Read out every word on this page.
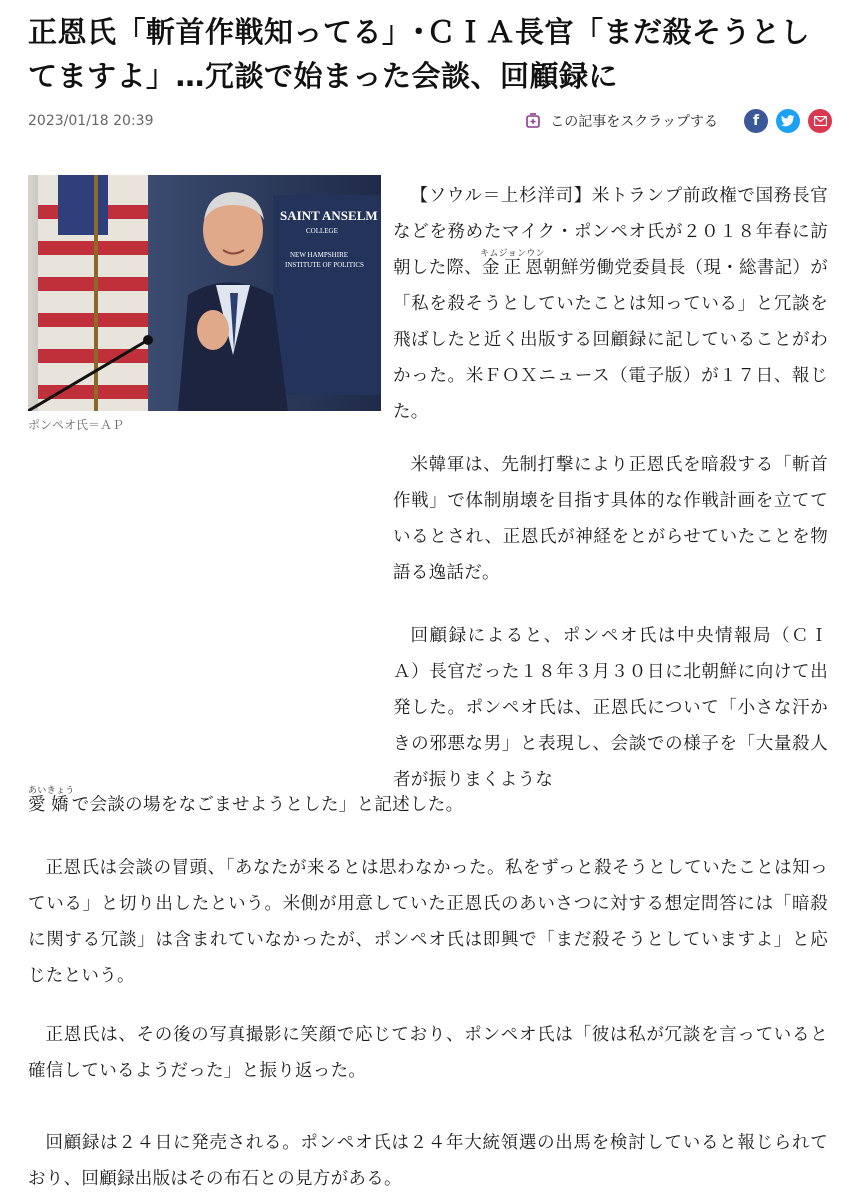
正恩氏「斬首作戦知ってる」･ＣＩＡ長官「まだ殺そうとしてますよ」…冗談で始まった会談、回顧録に
2023/01/18 20:39	この記事をスクラップする f
SAINT ANSELM
COLLEGE
NEW HAMPSHIRE
INSTITUTE OF POLITICS
ポンペオ氏＝ＡＰ

【ソウル＝上杉洋司】米トランプ前政権で国務長官などを務めたマイク・ポンペオ氏が２０１８年春に訪朝した際、金正恩キムジョンウン朝鮮労働党委員長（現・総書記）が「私を殺そうとしていたことは知っている」と冗談を飛ばしたと近く出版する回顧録に記していることがわかった。米ＦＯＸニュース（電子版）が１７日、報じた。

米韓軍は、先制打撃により正恩氏を暗殺する「斬首作戦」で体制崩壊を目指す具体的な作戦計画を立てているとされ、正恩氏が神経をとがらせていたことを物語る逸話だ。

回顧録によると、ポンペオ氏は中央情報局（ＣＩＡ）長官だった１８年３月３０日に北朝鮮に向けて出発した。ポンペオ氏は、正恩氏について「小さな汗かきの邪悪な男」と表現し、会談での様子を「大量殺人者が振りまくような

愛嬌あいきょうで会談の場をなごませようとした」と記述した。

正恩氏は会談の冒頭、「あなたが来るとは思わなかった。私をずっと殺そうとしていたことは知っている」と切り出したという。米側が用意していた正恩氏のあいさつに対する想定問答には「暗殺に関する冗談」は含まれていなかったが、ポンペオ氏は即興で「まだ殺そうとしていますよ」と応じたという。

正恩氏は、その後の写真撮影に笑顔で応じており、ポンペオ氏は「彼は私が冗談を言っていると確信しているようだった」と振り返った。

回顧録は２４日に発売される。ポンペオ氏は２４年大統領選の出馬を検討していると報じられており、回顧録出版はその布石との見方がある。
